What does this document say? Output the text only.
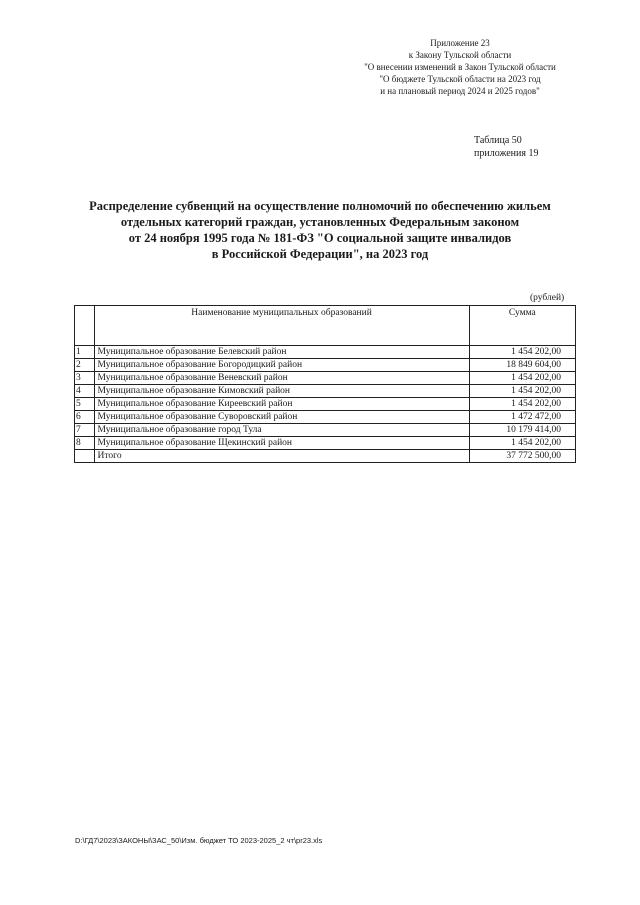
Приложение 23
к Закону Тульской области
"О внесении изменений в Закон Тульской области
"О бюджете Тульской области на 2023 год
и на плановый период 2024 и 2025 годов"
Таблица 50
приложения 19
Распределение субвенций на осуществление полномочий по обеспечению жильем
отдельных категорий граждан, установленных Федеральным законом
от 24 ноября 1995 года № 181-ФЗ "О социальной защите инвалидов
в Российской Федерации", на 2023 год
(рублей)
	Наименование муниципальных образований	Сумма
1	Муниципальное образование Белевский район	1 454 202,00
2	Муниципальное образование Богородицкий район	18 849 604,00
3	Муниципальное образование Веневский район	1 454 202,00
4	Муниципальное образование Кимовский район	1 454 202,00
5	Муниципальное образование Киреевский район	1 454 202,00
6	Муниципальное образование Суворовский район	1 472 472,00
7	Муниципальное образование город Тула	10 179 414,00
8	Муниципальное образование Щекинский район	1 454 202,00
	Итого	37 772 500,00
D:\ГД7\2023\ЗАКОНЫ\ЗАС_50\Изм. бюджет ТО 2023-2025_2 чт\pr23.xls
